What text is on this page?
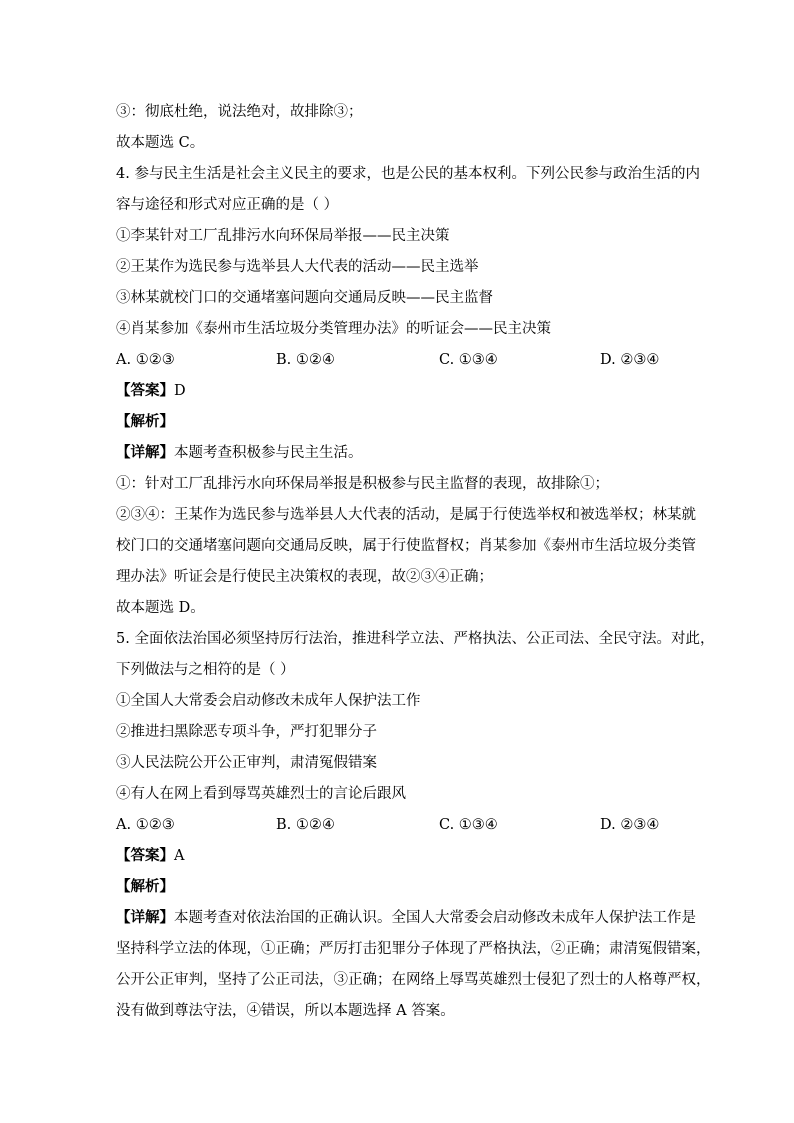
③：彻底杜绝，说法绝对，故排除③；
故本题选 C。
4. 参与民主生活是社会主义民主的要求，也是公民的基本权利。下列公民参与政治生活的内
容与途径和形式对应正确的是（ ）
①李某针对工厂乱排污水向环保局举报——民主决策
②王某作为选民参与选举县人大代表的活动——民主选举
③林某就校门口的交通堵塞问题向交通局反映——民主监督
④肖某参加《泰州市生活垃圾分类管理办法》的听证会——民主决策
A. ①②③	B. ①②④	C. ①③④	D. ②③④
【答案】D
【解析】
【详解】本题考查积极参与民主生活。
①：针对工厂乱排污水向环保局举报是积极参与民主监督的表现，故排除①；
②③④：王某作为选民参与选举县人大代表的活动，是属于行使选举权和被选举权；林某就
校门口的交通堵塞问题向交通局反映，属于行使监督权；肖某参加《泰州市生活垃圾分类管
理办法》听证会是行使民主决策权的表现，故②③④正确；
故本题选 D。
5. 全面依法治国必须坚持厉行法治，推进科学立法、严格执法、公正司法、全民守法。对此，
下列做法与之相符的是（ ）
①全国人大常委会启动修改未成年人保护法工作
②推进扫黑除恶专项斗争，严打犯罪分子
③人民法院公开公正审判，肃清冤假错案
④有人在网上看到辱骂英雄烈士的言论后跟风
A. ①②③	B. ①②④	C. ①③④	D. ②③④
【答案】A
【解析】
【详解】本题考查对依法治国的正确认识。全国人大常委会启动修改未成年人保护法工作是
坚持科学立法的体现，①正确；严厉打击犯罪分子体现了严格执法，②正确；肃清冤假错案，
公开公正审判，坚持了公正司法，③正确；在网络上辱骂英雄烈士侵犯了烈士的人格尊严权，
没有做到尊法守法，④错误，所以本题选择 A 答案。
